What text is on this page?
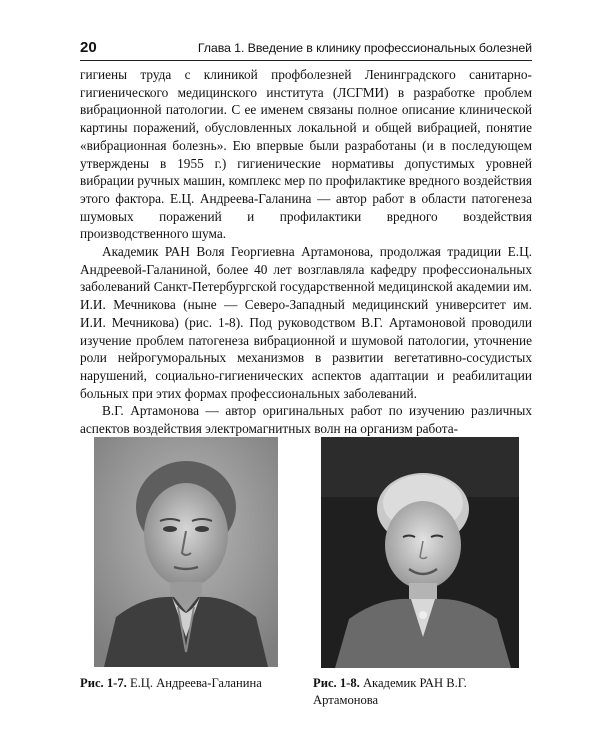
20	Глава 1. Введение в клинику профессиональных болезней

гигиены труда с клиникой профболезней Ленинградского санитарно-гигиенического медицинского института (ЛСГМИ) в разработке проблем вибрационной патологии. С ее именем связаны полное описание клинической картины поражений, обусловленных локальной и общей вибрацией, понятие «вибрационная болезнь». Ею впервые были разработаны (и в последующем утверждены в 1955 г.) гигиенические нормативы допустимых уровней вибрации ручных машин, комплекс мер по профилактике вредного воздействия этого фактора. Е.Ц. Андреева-Галанина — автор работ в области патогенеза шумовых поражений и профилактики вредного воздействия производственного шума.

Академик РАН Воля Георгиевна Артамонова, продолжая традиции Е.Ц. Андреевой-Галаниной, более 40 лет возглавляла кафедру профессиональных заболеваний Санкт-Петербургской государственной медицинской академии им. И.И. Мечникова (ныне — Северо-Западный медицинский университет им. И.И. Мечникова) (рис. 1-8). Под руководством В.Г. Артамоновой проводили изучение проблем патогенеза вибрационной и шумовой патологии, уточнение роли нейрогуморальных механизмов в развитии вегетативно-сосудистых нарушений, социально-гигиенических аспектов адаптации и реабилитации больных при этих формах профессиональных заболеваний.

В.Г. Артамонова — автор оригинальных работ по изучению различных аспектов воздействия электромагнитных волн на организм работа-

Рис. 1-7. Е.Ц. Андреева-Галанина	Рис. 1-8. Академик РАН В.Г. Артамонова
